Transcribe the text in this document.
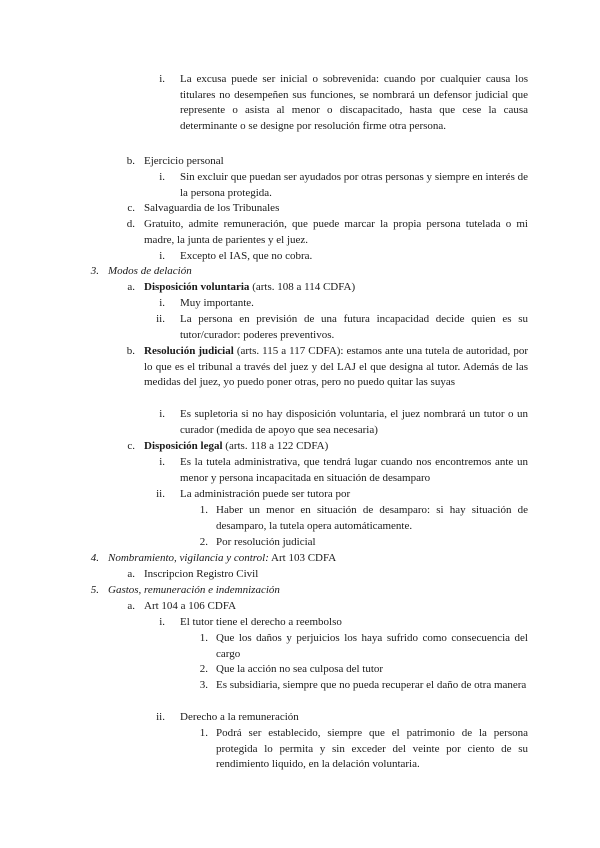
i. La excusa puede ser inicial o sobrevenida: cuando por cualquier causa los titulares no desempeñen sus funciones, se nombrará un defensor judicial que represente o asista al menor o discapacitado, hasta que cese la causa determinante o se designe por resolución firme otra persona.
b. Ejercicio personal
i. Sin excluir que puedan ser ayudados por otras personas y siempre en interés de la persona protegida.
c. Salvaguardia de los Tribunales
d. Gratuito, admite remuneración, que puede marcar la propia persona tutelada o mi madre, la junta de parientes y el juez.
i. Excepto el IAS, que no cobra.
3. Modos de delación
a. Disposición voluntaria (arts. 108 a 114 CDFA)
i. Muy importante.
ii. La persona en previsión de una futura incapacidad decide quien es su tutor/curador: poderes preventivos.
b. Resolución judicial (arts. 115 a 117 CDFA): estamos ante una tutela de autoridad, por lo que es el tribunal a través del juez y del LAJ el que designa al tutor. Además de las medidas del juez, yo puedo poner otras, pero no puedo quitar las suyas
i. Es supletoria si no hay disposición voluntaria, el juez nombrará un tutor o un curador (medida de apoyo que sea necesaria)
c. Disposición legal (arts. 118 a 122 CDFA)
i. Es la tutela administrativa, que tendrá lugar cuando nos encontremos ante un menor y persona incapacitada en situación de desamparo
ii. La administración puede ser tutora por
1. Haber un menor en situación de desamparo: si hay situación de desamparo, la tutela opera automáticamente.
2. Por resolución judicial
4. Nombramiento, vigilancia y control: Art 103 CDFA
a. Inscripcion Registro Civil
5. Gastos, remuneración e indemnización
a. Art 104 a 106 CDFA
i. El tutor tiene el derecho a reembolso
1. Que los daños y perjuicios los haya sufrido como consecuencia del cargo
2. Que la acción no sea culposa del tutor
3. Es subsidiaria, siempre que no pueda recuperar el daño de otra manera
ii. Derecho a la remuneración
1. Podrá ser establecido, siempre que el patrimonio de la persona protegida lo permita y sin exceder del veinte por ciento de su rendimiento liquido, en la delación voluntaria.
